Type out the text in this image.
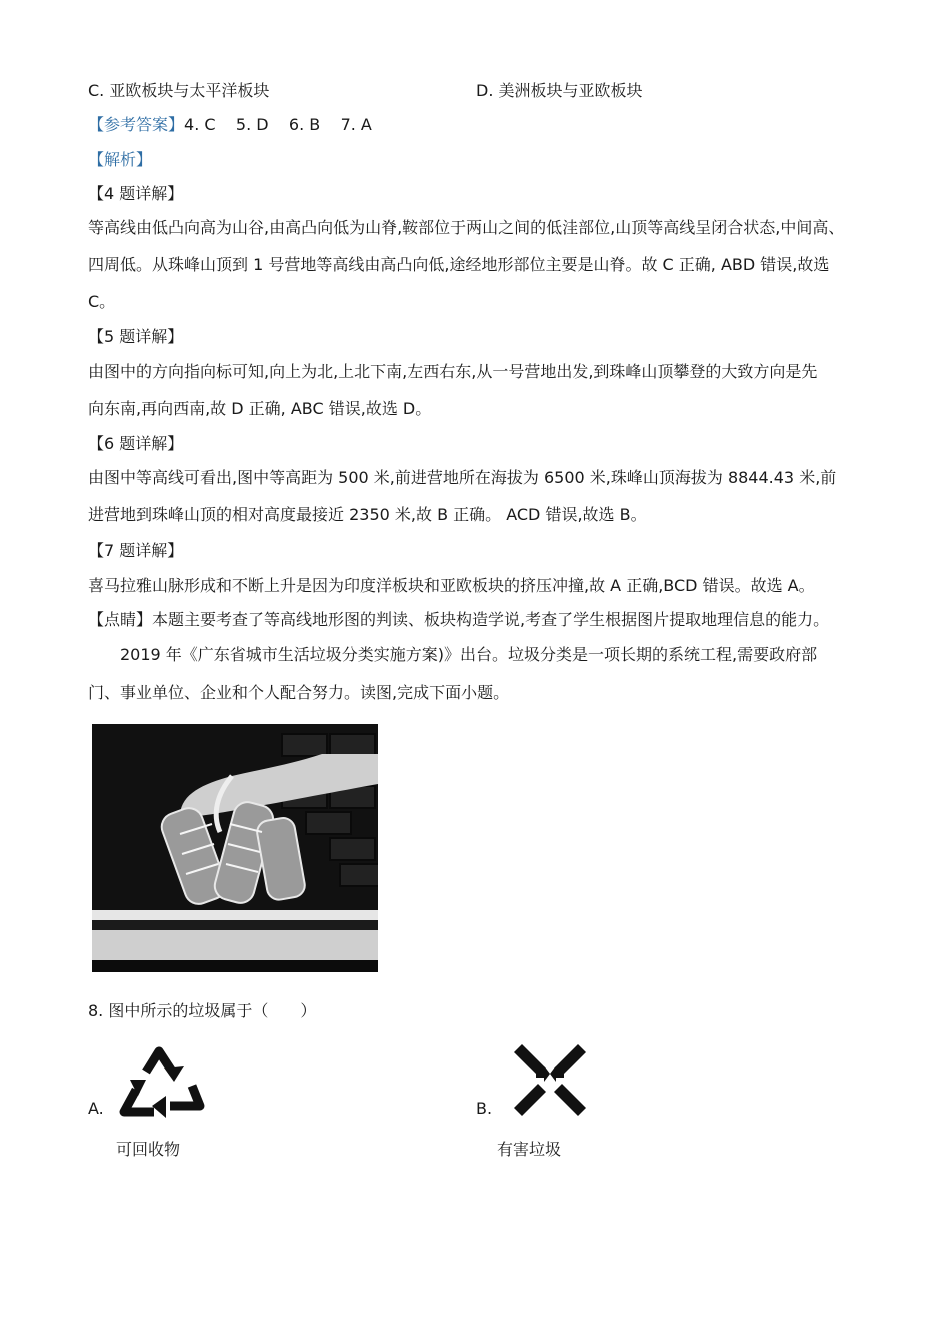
C. 亚欧板块与太平洋板块	D. 美洲板块与亚欧板块
【参考答案】4. C    5. D    6. B    7. A
【解析】
【4 题详解】
等高线由低凸向高为山谷,由高凸向低为山脊,鞍部位于两山之间的低洼部位,山顶等高线呈闭合状态,中间高、
四周低。从珠峰山顶到 1 号营地等高线由高凸向低,途经地形部位主要是山脊。故 C 正确, ABD 错误,故选
C。
【5 题详解】
由图中的方向指向标可知,向上为北,上北下南,左西右东,从一号营地出发,到珠峰山顶攀登的大致方向是先
向东南,再向西南,故 D 正确, ABC 错误,故选 D。
【6 题详解】
由图中等高线可看出,图中等高距为 500 米,前进营地所在海拔为 6500 米,珠峰山顶海拔为 8844.43 米,前
进营地到珠峰山顶的相对高度最接近 2350 米,故 B 正确。 ACD 错误,故选 B。
【7 题详解】
喜马拉雅山脉形成和不断上升是因为印度洋板块和亚欧板块的挤压冲撞,故 A 正确,BCD 错误。故选 A。
【点睛】本题主要考查了等高线地形图的判读、板块构造学说,考查了学生根据图片提取地理信息的能力。
2019 年《广东省城市生活垃圾分类实施方案)》出台。垃圾分类是一项长期的系统工程,需要政府部
门、事业单位、企业和个人配合努力。读图,完成下面小题。
8. 图中所示的垃圾属于（　　）
A.
可回收物
B.
有害垃圾
